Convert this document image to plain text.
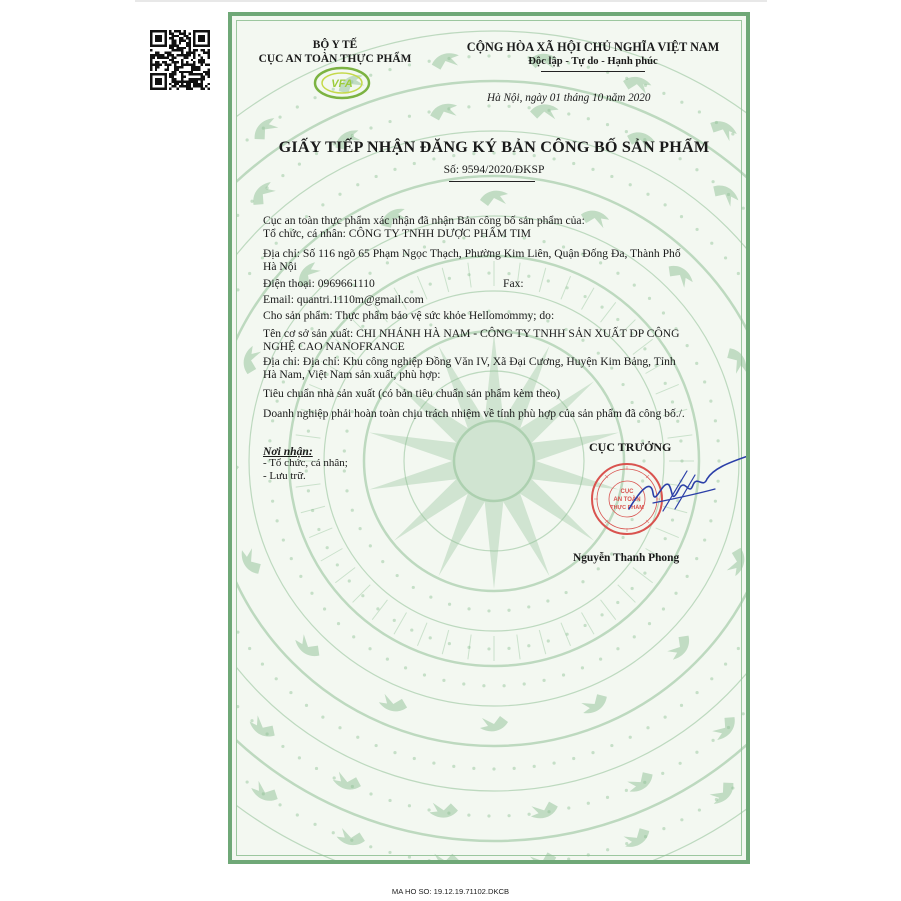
BỘ Y TẾ
CỤC AN TOÀN THỰC PHẨM
VFA
CỘNG HÒA XÃ HỘI CHỦ NGHĨA VIỆT NAM
Độc lập - Tự do - Hạnh phúc
Hà Nội, ngày 01 tháng 10 năm 2020
GIẤY TIẾP NHẬN ĐĂNG KÝ BẢN CÔNG BỐ SẢN PHẨM
Số: 9594/2020/ĐKSP
Cục an toàn thực phẩm xác nhận đã nhận Bản công bố sản phẩm của:
Tổ chức, cá nhân: CÔNG TY TNHH DƯỢC PHẨM TIM
Địa chỉ: Số 116 ngõ 65 Phạm Ngọc Thạch, Phường Kim Liên, Quận Đống Đa, Thành Phố
Hà Nội
Điện thoại: 0969661110	Fax:
Email: quantri.1110m@gmail.com
Cho sản phẩm: Thực phẩm bảo vệ sức khỏe Hellomommy; do:
Tên cơ sở sản xuất: CHI NHÁNH HÀ NAM - CÔNG TY TNHH SẢN XUẤT DP CÔNG
NGHỆ CAO NANOFRANCE
Địa chỉ: Địa chỉ: Khu công nghiệp Đồng Văn IV, Xã Đại Cương, Huyện Kim Bảng, Tỉnh
Hà Nam, Việt Nam sản xuất, phù hợp:
Tiêu chuẩn nhà sản xuất (có bản tiêu chuẩn sản phẩm kèm theo)
Doanh nghiệp phải hoàn toàn chịu trách nhiệm về tính phù hợp của sản phẩm đã công bố./.
Nơi nhận:
- Tổ chức, cá nhân;
- Lưu trữ.
CỤC TRƯỞNG
CỤC
AN TOÀN
THỰC PHẨM
Nguyễn Thanh Phong
MA HO SO: 19.12.19.71102.DKCB
